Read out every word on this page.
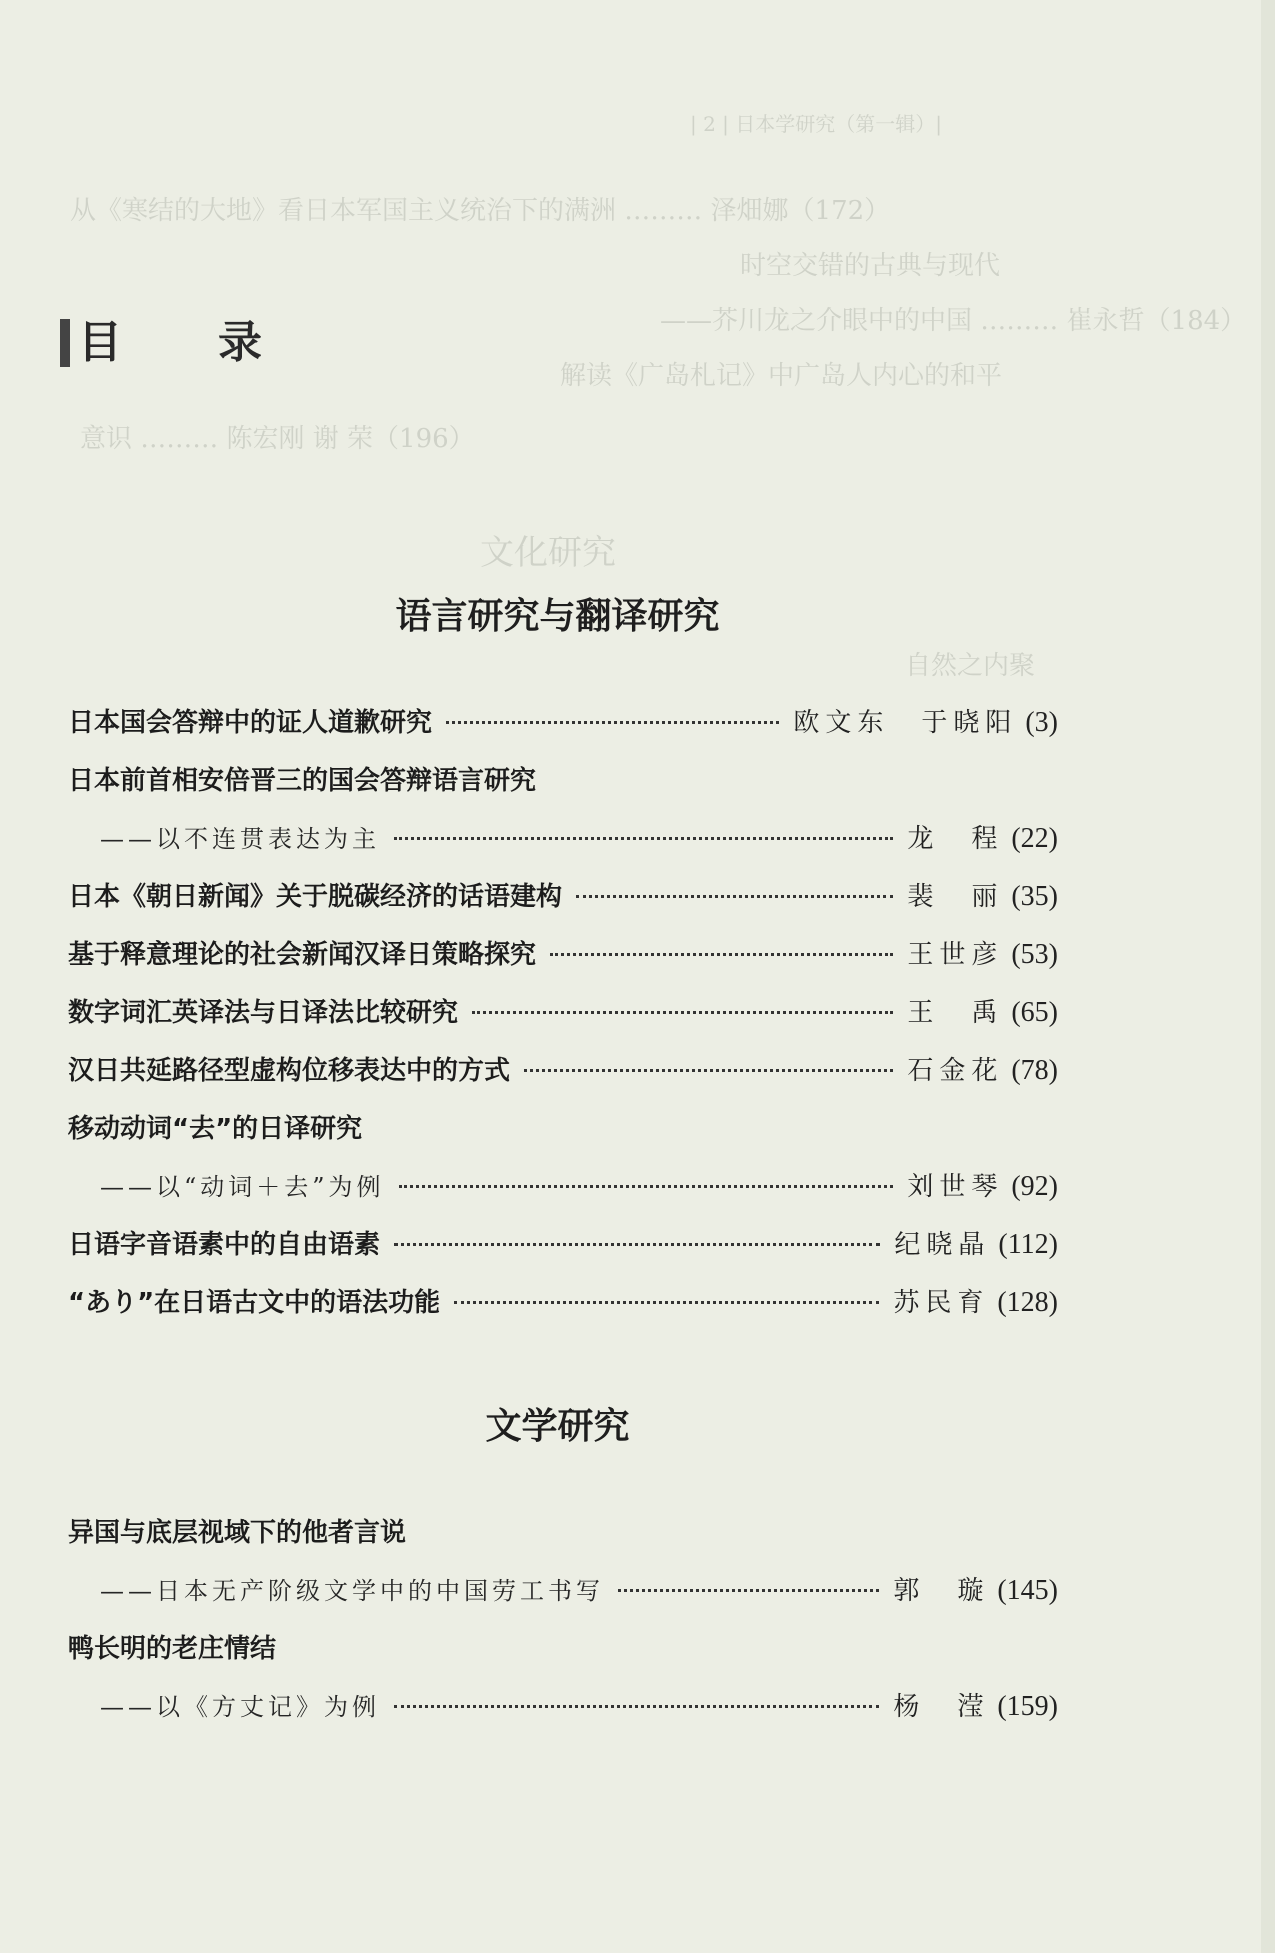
| 2 | 日本学研究（第一辑）|
从《寒结的大地》看日本军国主义统治下的满洲 ……… 泽畑娜（172）
时空交错的古典与现代
——芥川龙之介眼中的中国 ……… 崔永哲（184）
解读《广岛札记》中广岛人内心的和平
意识 ……… 陈宏刚 谢 荣（196）
文化研究
自然之内聚
目 录
语言研究与翻译研究
日本国会答辩中的证人道歉研究	欧文东　于晓阳 (3)
日本前首相安倍晋三的国会答辩语言研究
——以不连贯表达为主	龙　程 (22)
日本《朝日新闻》关于脱碳经济的话语建构	裴　丽 (35)
基于释意理论的社会新闻汉译日策略探究	王世彦 (53)
数字词汇英译法与日译法比较研究	王　禹 (65)
汉日共延路径型虚构位移表达中的方式	石金花 (78)
移动动词“去”的日译研究
——以“动词＋去”为例	刘世琴 (92)
日语字音语素中的自由语素	纪晓晶 (112)
“あり”在日语古文中的语法功能	苏民育 (128)
文学研究
异国与底层视域下的他者言说
——日本无产阶级文学中的中国劳工书写	郭　璇 (145)
鸭长明的老庄情结
——以《方丈记》为例	杨　滢 (159)
